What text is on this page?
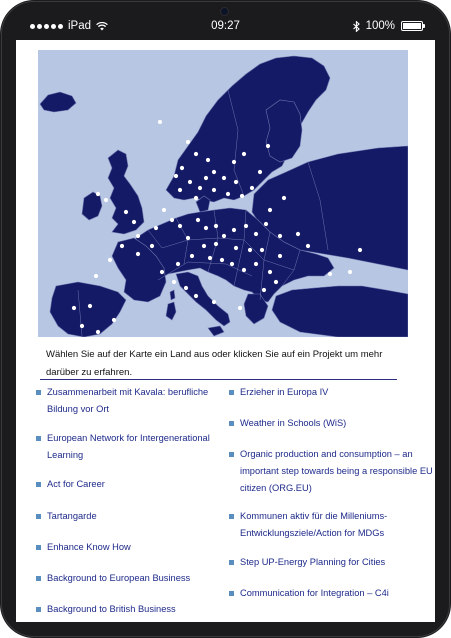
iPad	09:27	100%

Wählen Sie auf der Karte ein Land aus oder klicken Sie auf ein Projekt um mehr darüber zu erfahren.

Zusammenarbeit mit Kavala: berufliche Bildung vor Ort
European Network for Intergenerational Learning
Act for Career
Tartangarde
Enhance Know How
Background to European Business
Background to British Business
Erzieher in Europa IV
Weather in Schools (WiS)
Organic production and consumption – an important step towards being a responsible EU citizen (ORG.EU)
Kommunen aktiv für die Milleniums-Entwicklungsziele/Action for MDGs
Step UP-Energy Planning for Cities
Communication for Integration – C4i
